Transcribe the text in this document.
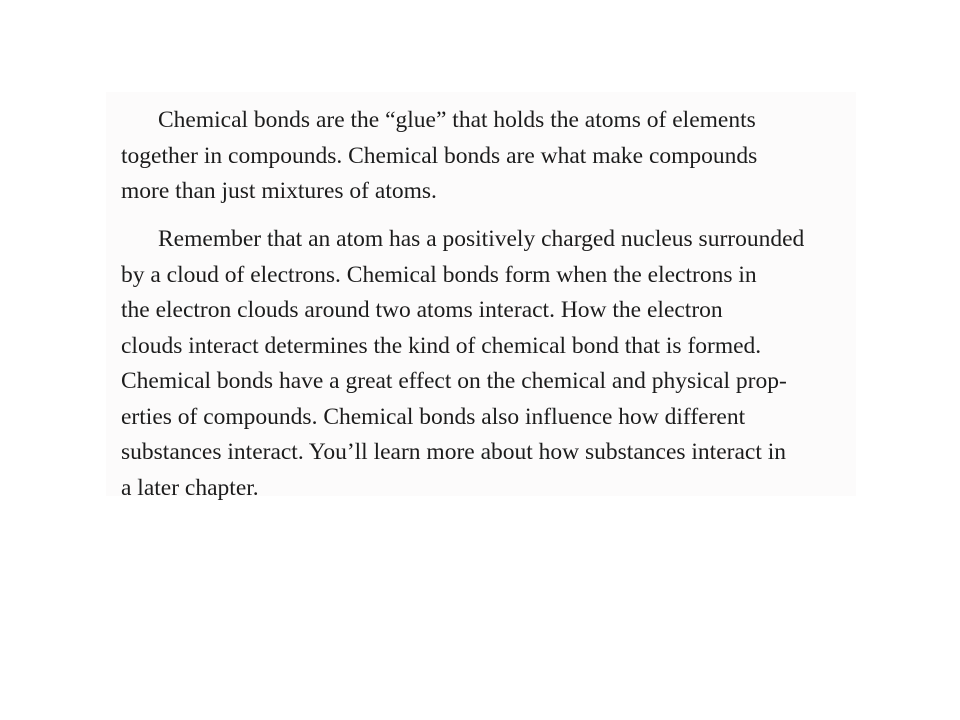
Chemical bonds are the “glue” that holds the atoms of elements
together in compounds. Chemical bonds are what make compounds
more than just mixtures of atoms.

Remember that an atom has a positively charged nucleus surrounded
by a cloud of electrons. Chemical bonds form when the electrons in
the electron clouds around two atoms interact. How the electron
clouds interact determines the kind of chemical bond that is formed.
Chemical bonds have a great effect on the chemical and physical prop-
erties of compounds. Chemical bonds also influence how different
substances interact. You’ll learn more about how substances interact in
a later chapter.
